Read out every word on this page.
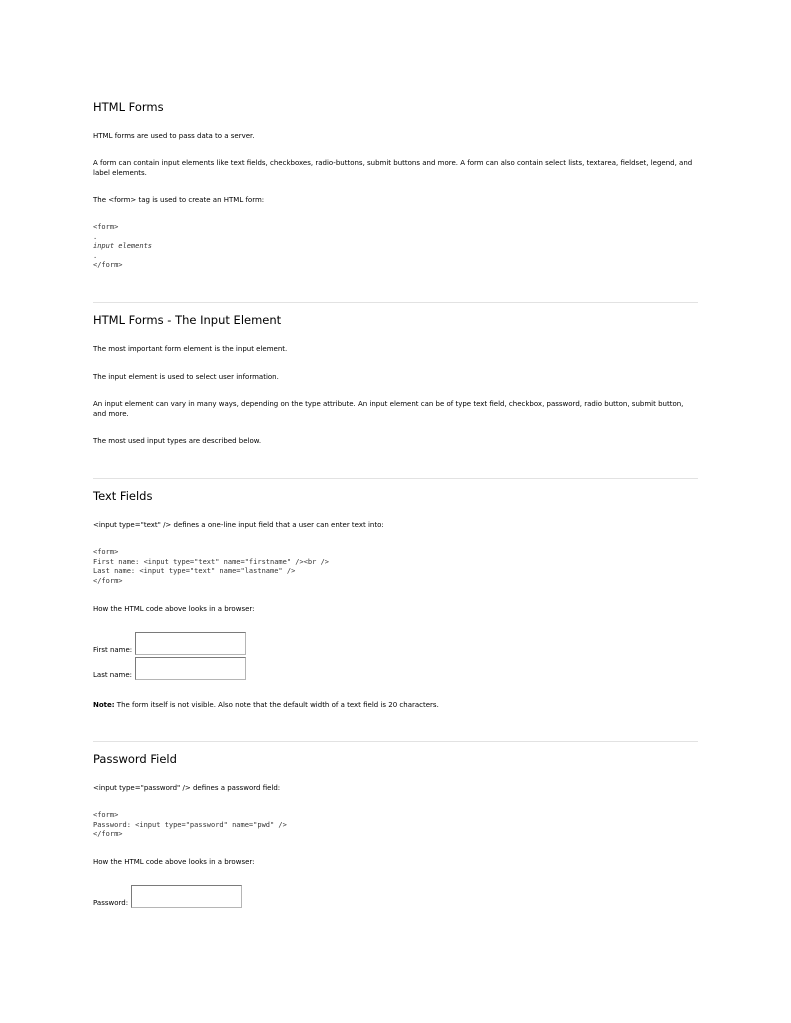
HTML Forms

HTML forms are used to pass data to a server.

A form can contain input elements like text fields, checkboxes, radio-buttons, submit buttons and more. A form can also contain select lists, textarea, fieldset, legend, and label elements.

The <form> tag is used to create an HTML form:

<form>
.
input elements
.
</form>
HTML Forms - The Input Element

The most important form element is the input element.

The input element is used to select user information.

An input element can vary in many ways, depending on the type attribute. An input element can be of type text field, checkbox, password, radio button, submit button, and more.

The most used input types are described below.

Text Fields

<input type="text" /> defines a one-line input field that a user can enter text into:

<form>
First name: <input type="text" name="firstname" /><br />
Last name: <input type="text" name="lastname" />
</form>

How the HTML code above looks in a browser:

First name:
Last name:

Note: The form itself is not visible. Also note that the default width of a text field is 20 characters.

Password Field

<input type="password" /> defines a password field:

<form>
Password: <input type="password" name="pwd" />
</form>

How the HTML code above looks in a browser:

Password:
